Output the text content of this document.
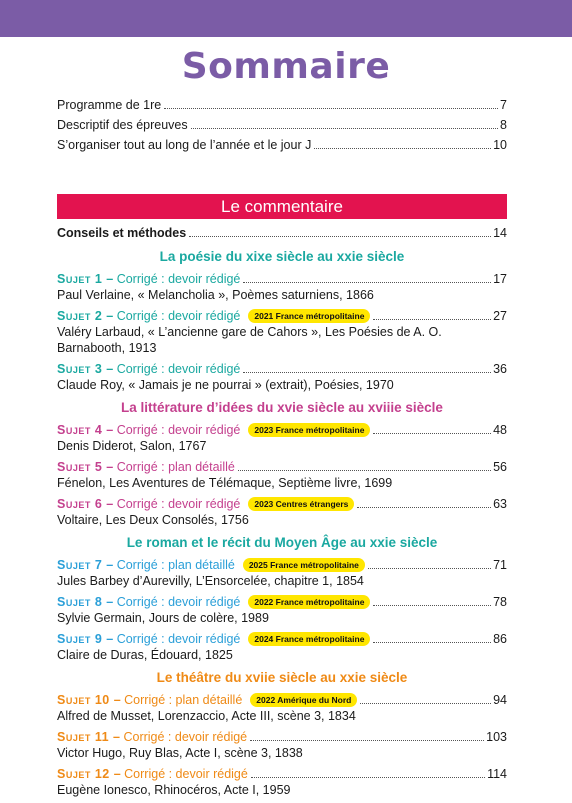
Sommaire
Programme de 1re	7
Descriptif des épreuves	8
S’organiser tout au long de l’année et le jour J	10
Le commentaire
Conseils et méthodes	14
La poésie du xixe siècle au xxie siècle
Sujet 1 – Corrigé : devoir rédigé	17
Paul Verlaine, « Melancholia », Poèmes saturniens, 1866
Sujet 2 – Corrigé : devoir rédigé	2021 France métropolitaine	27
Valéry Larbaud, « L’ancienne gare de Cahors », Les Poésies de A. O. Barnabooth, 1913
Sujet 3 – Corrigé : devoir rédigé	36
Claude Roy, « Jamais je ne pourrai » (extrait), Poésies, 1970
La littérature d’idées du xvie siècle au xviiie siècle
Sujet 4 – Corrigé : devoir rédigé	2023 France métropolitaine	48
Denis Diderot, Salon, 1767
Sujet 5 – Corrigé : plan détaillé	56
Fénelon, Les Aventures de Télémaque, Septième livre, 1699
Sujet 6 – Corrigé : devoir rédigé	2023 Centres étrangers	63
Voltaire, Les Deux Consolés, 1756
Le roman et le récit du Moyen Âge au xxie siècle
Sujet 7 – Corrigé : plan détaillé	2025 France métropolitaine	71
Jules Barbey d’Aurevilly, L’Ensorcelée, chapitre 1, 1854
Sujet 8 – Corrigé : devoir rédigé	2022 France métropolitaine	78
Sylvie Germain, Jours de colère, 1989
Sujet 9 – Corrigé : devoir rédigé	2024 France métropolitaine	86
Claire de Duras, Édouard, 1825
Le théâtre du xviie siècle au xxie siècle
Sujet 10 – Corrigé : plan détaillé	2022 Amérique du Nord	94
Alfred de Musset, Lorenzaccio, Acte III, scène 3, 1834
Sujet 11 – Corrigé : devoir rédigé	103
Victor Hugo, Ruy Blas, Acte I, scène 3, 1838
Sujet 12 – Corrigé : devoir rédigé	114
Eugène Ionesco, Rhinocéros, Acte I, 1959
